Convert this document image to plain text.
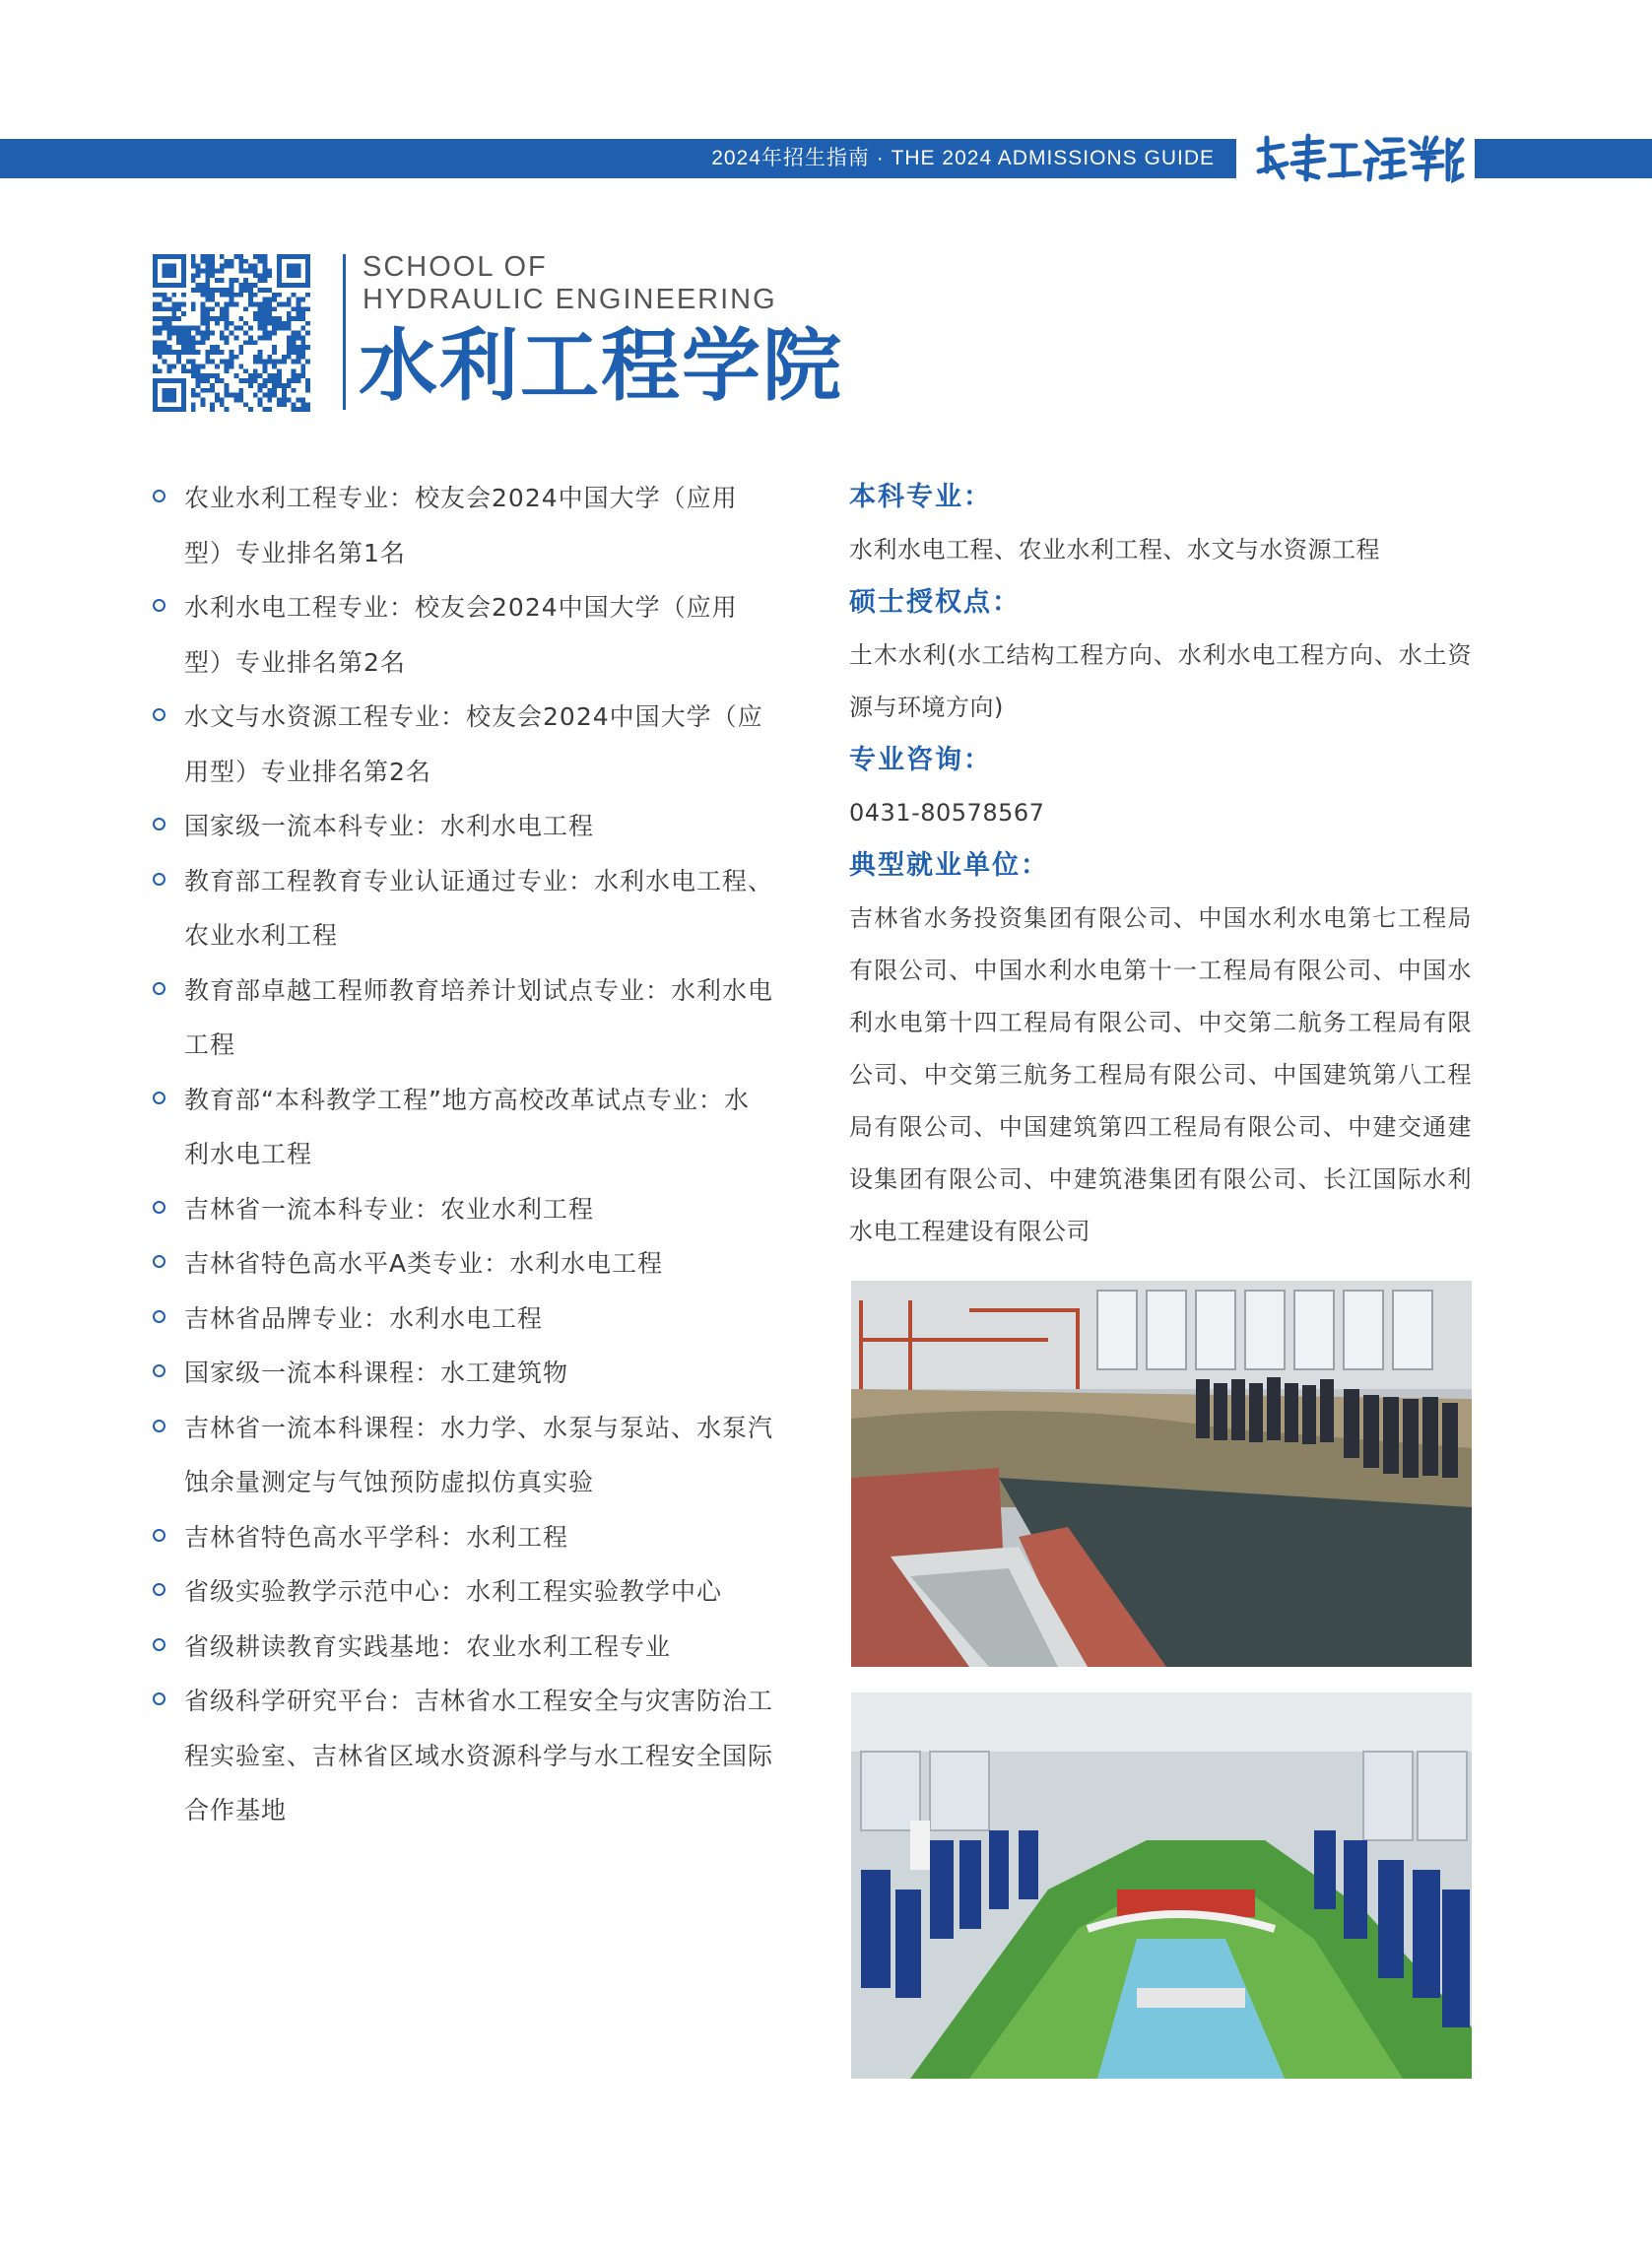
2024年招生指南 · THE 2024 ADMISSIONS GUIDE
SCHOOL OF
HYDRAULIC ENGINEERING
水利工程学院
农业水利工程专业：校友会2024中国大学（应用型）专业排名第1名
水利水电工程专业：校友会2024中国大学（应用型）专业排名第2名
水文与水资源工程专业：校友会2024中国大学（应用型）专业排名第2名
国家级一流本科专业：水利水电工程
教育部工程教育专业认证通过专业：水利水电工程、农业水利工程
教育部卓越工程师教育培养计划试点专业：水利水电工程
教育部“本科教学工程”地方高校改革试点专业：水利水电工程
吉林省一流本科专业：农业水利工程
吉林省特色高水平A类专业：水利水电工程
吉林省品牌专业：水利水电工程
国家级一流本科课程：水工建筑物
吉林省一流本科课程：水力学、水泵与泵站、水泵汽蚀余量测定与气蚀预防虚拟仿真实验
吉林省特色高水平学科：水利工程
省级实验教学示范中心：水利工程实验教学中心
省级耕读教育实践基地：农业水利工程专业
省级科学研究平台：吉林省水工程安全与灾害防治工程实验室、吉林省区域水资源科学与水工程安全国际合作基地
本科专业：

水利水电工程、农业水利工程、水文与水资源工程

硕士授权点：

土木水利(水工结构工程方向、水利水电工程方向、水土资源与环境方向)

专业咨询：

0431-80578567

典型就业单位：

吉林省水务投资集团有限公司、中国水利水电第七工程局有限公司、中国水利水电第十一工程局有限公司、中国水利水电第十四工程局有限公司、中交第二航务工程局有限公司、中交第三航务工程局有限公司、中国建筑第八工程局有限公司、中国建筑第四工程局有限公司、中建交通建设集团有限公司、中建筑港集团有限公司、长江国际水利水电工程建设有限公司
